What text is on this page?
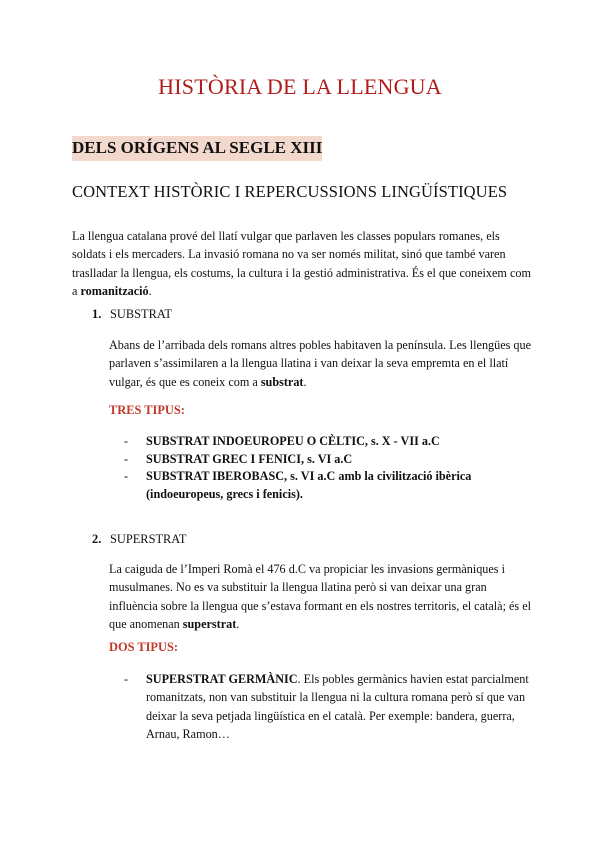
HISTÒRIA DE LA LLENGUA
DELS ORÍGENS AL SEGLE XIII
CONTEXT HISTÒRIC I REPERCUSSIONS LINGÜÍSTIQUES

La llengua catalana prové del llatí vulgar que parlaven les classes populars romanes, els soldats i els mercaders. La invasió romana no va ser només militat, sinó que també varen traslladar la llengua, els costums, la cultura i la gestió administrativa. És el que coneixem com a romanització.

1. SUBSTRAT

Abans de l’arribada dels romans altres pobles habitaven la península. Les llengües que parlaven s’assimilaren a la llengua llatina i van deixar la seva empremta en el llatí vulgar, és que es coneix com a substrat.

TRES TIPUS:

- SUBSTRAT INDOEUROPEU O CÈLTIC, s. X - VII a.C
- SUBSTRAT GREC I FENICI, s. VI a.C
- SUBSTRAT IBEROBASC, s. VI a.C amb la civilització ibèrica (indoeuropeus, grecs i fenicis).

2. SUPERSTRAT

La caiguda de l’Imperi Romà el 476 d.C va propiciar les invasions germàniques i musulmanes. No es va substituir la llengua llatina però si van deixar una gran influència sobre la llengua que s’estava formant en els nostres territoris, el català; és el que anomenan superstrat.

DOS TIPUS:

- SUPERSTRAT GERMÀNIC. Els pobles germànics havien estat parcialment romanitzats, non van substituir la llengua ni la cultura romana però sí que van deixar la seva petjada lingüística en el català. Per exemple: bandera, guerra, Arnau, Ramon…
